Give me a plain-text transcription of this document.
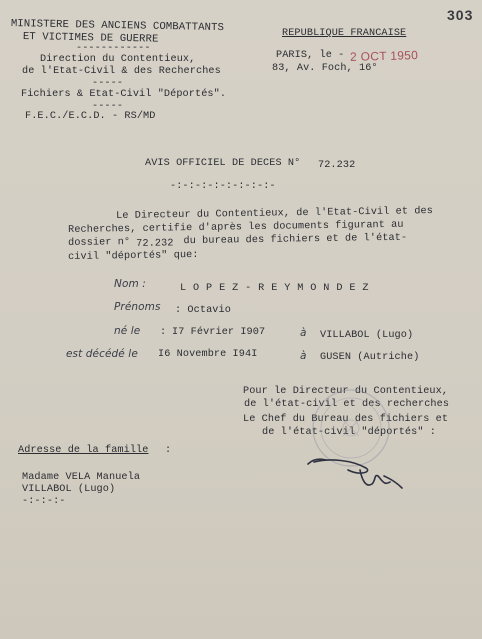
303
MINISTERE DES ANCIENS COMBATTANTS
ET VICTIMES DE GUERRE
------------
Direction du Contentieux,
de l'Etat-Civil & des Recherches
-----
Fichiers & Etat-Civil "Déportés".
-----
F.E.C./E.C.D. - RS/MD
REPUBLIQUE FRANCAISE
PARIS, le - 2 OCT 1950
83, Av. Foch, 16°
AVIS OFFICIEL DE DECES N° 72.232
-:-:-:-:-:-:-:-:-
Le Directeur du Contentieux, de l'Etat-Civil et des
Recherches, certifie d'après les documents figurant au
dossier n° 72.232 du bureau des fichiers et de l'état-
civil "déportés" que:
Nom :	L O P E Z - R E Y M O N D E Z
Prénoms : Octavio
né le : I7 Février I907	à VILLABOL (Lugo)
est décédé le I6 Novembre I94I	à GUSEN (Autriche)
Pour le Directeur du Contentieux,
de l'état-civil et des recherches
Le Chef du Bureau des fichiers et
de l'état-civil "déportés" :
Adresse de la famille :
Madame VELA Manuela
VILLABOL (Lugo)
-:-:-:-
